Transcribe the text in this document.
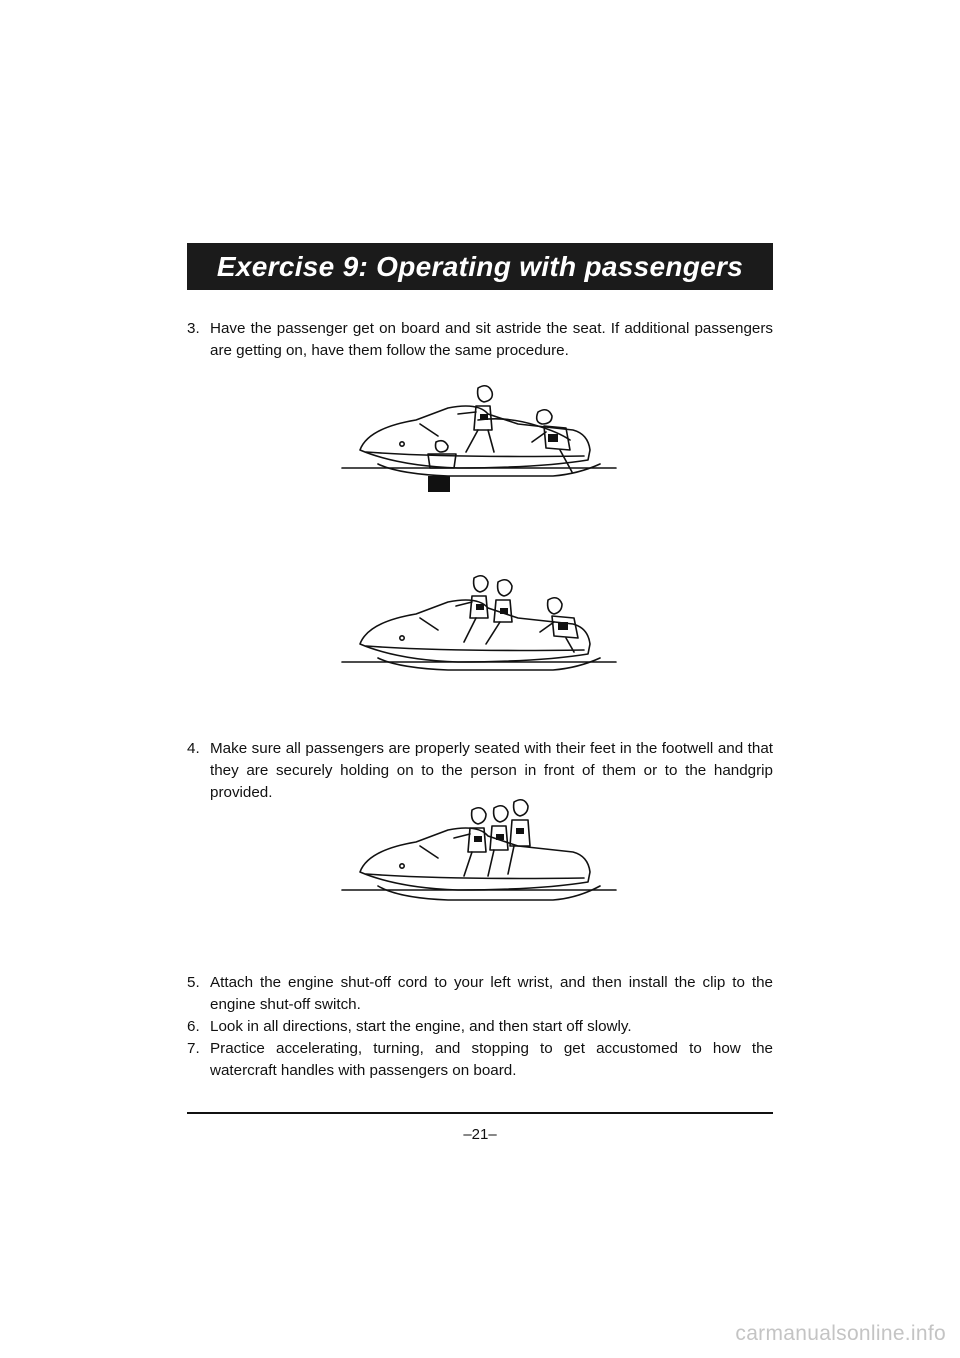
Exercise 9: Operating with passengers
3. Have the passenger get on board and sit astride the seat. If additional passengers are getting on, have them follow the same procedure.
4. Make sure all passengers are properly seated with their feet in the footwell and that they are securely holding on to the person in front of them or to the handgrip provided.
5. Attach the engine shut-off cord to your left wrist, and then install the clip to the engine shut-off switch.
6. Look in all directions, start the engine, and then start off slowly.
7. Practice accelerating, turning, and stopping to get accustomed to how the watercraft handles with passengers on board.
–21–
carmanualsonline.info
